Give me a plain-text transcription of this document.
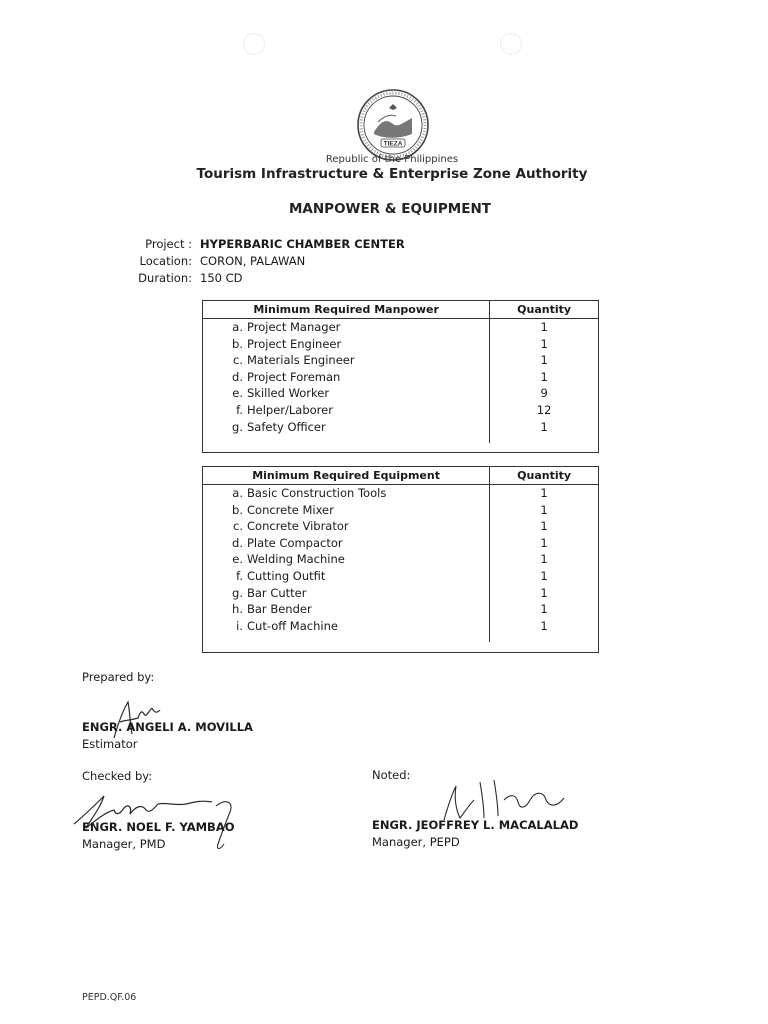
TIEZA
Republic of the Philippines
Tourism Infrastructure & Enterprise Zone Authority
MANPOWER & EQUIPMENT
Project : HYPERBARIC CHAMBER CENTER
Location: CORON, PALAWAN
Duration: 150 CD
Minimum Required Manpower	Quantity
a. Project Manager	1
b. Project Engineer	1
c. Materials Engineer	1
d. Project Foreman	1
e. Skilled Worker	9
f. Helper/Laborer	12
g. Safety Officer	1
Minimum Required Equipment	Quantity
a. Basic Construction Tools	1
b. Concrete Mixer	1
c. Concrete Vibrator	1
d. Plate Compactor	1
e. Welding Machine	1
f. Cutting Outfit	1
g. Bar Cutter	1
h. Bar Bender	1
i. Cut-off Machine	1
Prepared by:
ENGR. ANGELI A. MOVILLA
Estimator
Checked by:
ENGR. NOEL F. YAMBAO
Manager, PMD
Noted:
ENGR. JEOFFREY L. MACALALAD
Manager, PEPD
PEPD.QF.06
